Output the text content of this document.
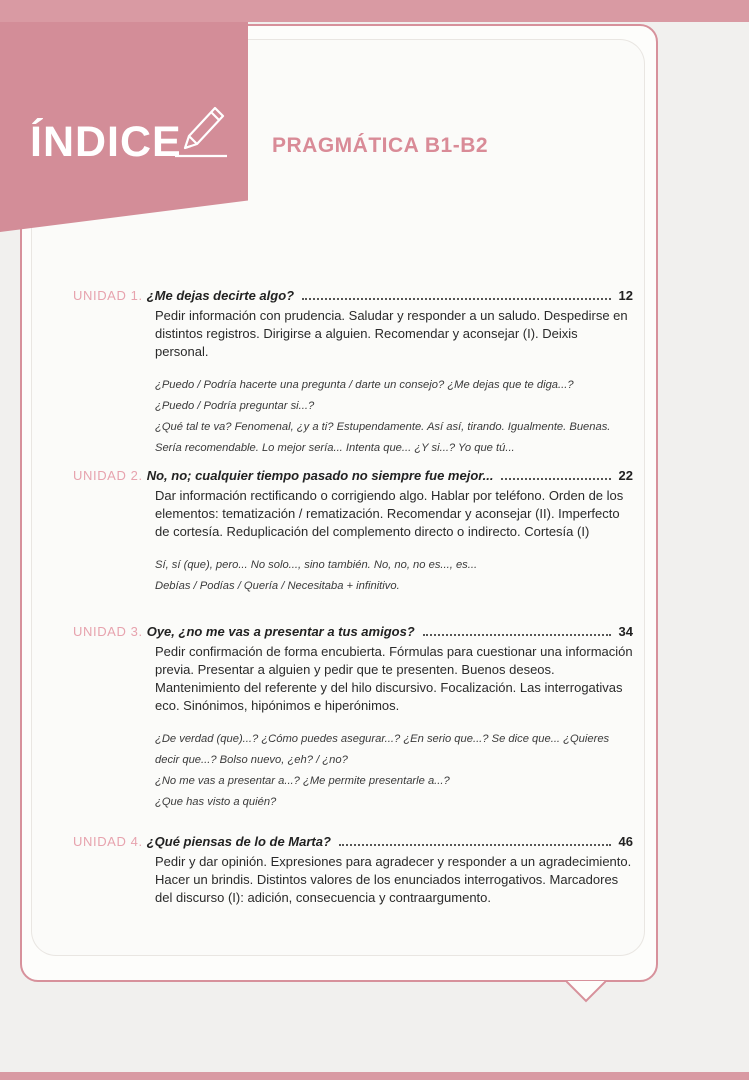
ÍNDICE	PRAGMÁTICA B1-B2
UNIDAD 1. ¿Me dejas decirte algo?	12
Pedir información con prudencia. Saludar y responder a un saludo. Despedirse en distintos registros. Dirigirse a alguien. Recomendar y aconsejar (I). Deixis personal.
¿Puedo / Podría hacerte una pregunta / darte un consejo? ¿Me dejas que te diga...?
¿Puedo / Podría preguntar si...?
¿Qué tal te va? Fenomenal, ¿y a ti? Estupendamente. Así así, tirando. Igualmente. Buenas.
Sería recomendable. Lo mejor sería... Intenta que... ¿Y si...? Yo que tú...
UNIDAD 2. No, no; cualquier tiempo pasado no siempre fue mejor...	22
Dar información rectificando o corrigiendo algo. Hablar por teléfono. Orden de los elementos: tematización / rematización. Recomendar y aconsejar (II). Imperfecto de cortesía. Reduplicación del complemento directo o indirecto. Cortesía (I)
Sí, sí (que), pero... No solo..., sino también. No, no, no es..., es...
Debías / Podías / Quería / Necesitaba + infinitivo.
UNIDAD 3. Oye, ¿no me vas a presentar a tus amigos?	34
Pedir confirmación de forma encubierta. Fórmulas para cuestionar una información previa. Presentar a alguien y pedir que te presenten. Buenos deseos. Mantenimiento del referente y del hilo discursivo. Focalización. Las interrogativas eco. Sinónimos, hipónimos e hiperónimos.
¿De verdad (que)...? ¿Cómo puedes asegurar...? ¿En serio que...? Se dice que... ¿Quieres
decir que...? Bolso nuevo, ¿eh? / ¿no?
¿No me vas a presentar a...? ¿Me permite presentarle a...?
¿Que has visto a quién?
UNIDAD 4. ¿Qué piensas de lo de Marta?	46
Pedir y dar opinión. Expresiones para agradecer y responder a un agradecimiento. Hacer un brindis. Distintos valores de los enunciados interrogativos. Marcadores del discurso (I): adición, consecuencia y contraargumento.
